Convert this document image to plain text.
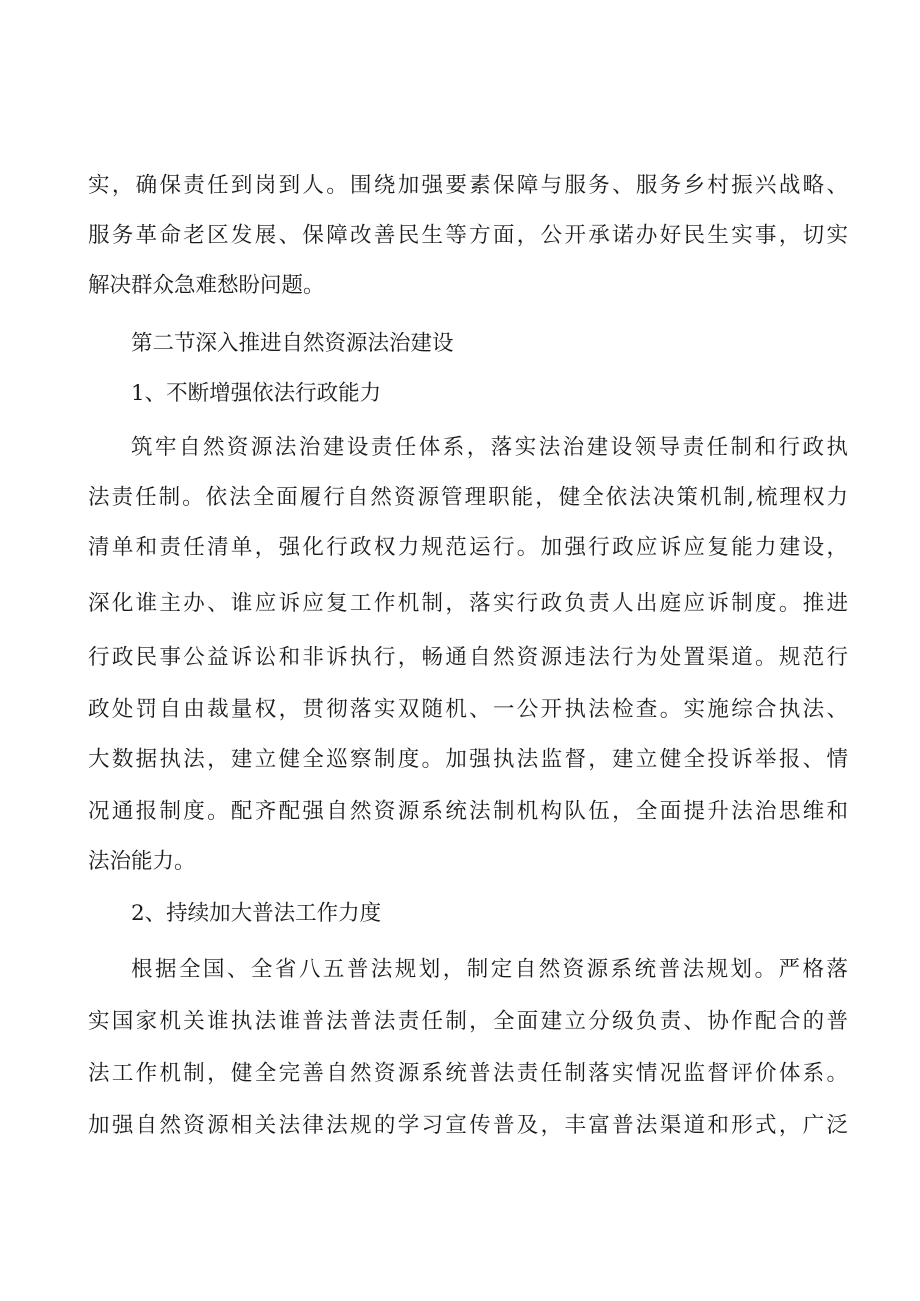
实，确保责任到岗到人。围绕加强要素保障与服务、服务乡村振兴战略、
服务革命老区发展、保障改善民生等方面，公开承诺办好民生实事，切实
解决群众急难愁盼问题。
第二节深入推进自然资源法治建设
1、不断增强依法行政能力
筑牢自然资源法治建设责任体系，落实法治建设领导责任制和行政执
法责任制。依法全面履行自然资源管理职能，健全依法决策机制,梳理权力
清单和责任清单，强化行政权力规范运行。加强行政应诉应复能力建设，
深化谁主办、谁应诉应复工作机制，落实行政负责人出庭应诉制度。推进
行政民事公益诉讼和非诉执行，畅通自然资源违法行为处置渠道。规范行
政处罚自由裁量权，贯彻落实双随机、一公开执法检查。实施综合执法、
大数据执法，建立健全巡察制度。加强执法监督，建立健全投诉举报、情
况通报制度。配齐配强自然资源系统法制机构队伍，全面提升法治思维和
法治能力。
2、持续加大普法工作力度
根据全国、全省八五普法规划，制定自然资源系统普法规划。严格落
实国家机关谁执法谁普法普法责任制，全面建立分级负责、协作配合的普
法工作机制，健全完善自然资源系统普法责任制落实情况监督评价体系。
加强自然资源相关法律法规的学习宣传普及，丰富普法渠道和形式，广泛
